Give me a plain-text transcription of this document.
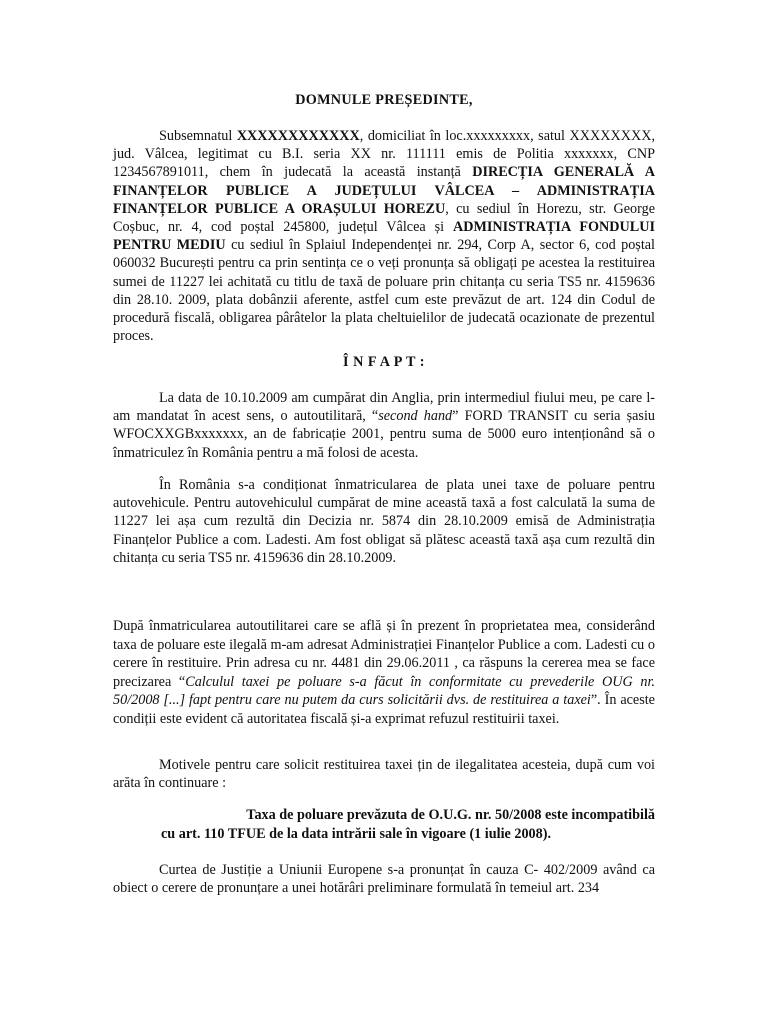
DOMNULE PREȘEDINTE,

Subsemnatul XXXXXXXXXXXX, domiciliat în loc.xxxxxxxxx, satul XXXXXXXX, jud. Vâlcea, legitimat cu B.I. seria XX nr. 111111 emis de Politia xxxxxxx, CNP 1234567891011, chem în judecată la această instanță DIRECȚIA GENERALĂ A FINANȚELOR PUBLICE A JUDEȚULUI VÂLCEA – ADMINISTRAȚIA FINANȚELOR PUBLICE A ORAȘULUI HOREZU, cu sediul în Horezu, str. George Coșbuc, nr. 4, cod poștal 245800, județul Vâlcea și ADMINISTRAȚIA FONDULUI PENTRU MEDIU cu sediul în Splaiul Independenței nr. 294, Corp A, sector 6, cod poștal 060032 București pentru ca prin sentința ce o veți pronunța să obligați pe acestea la restituirea sumei de 11227 lei achitată cu titlu de taxă de poluare prin chitanța cu seria TS5 nr. 4159636 din 28.10. 2009, plata dobânzii aferente, astfel cum este prevăzut de art. 124 din Codul de procedură fiscală, obligarea pârâtelor la plata cheltuielilor de judecată ocazionate de prezentul proces.

Î N F A P T :

La data de 10.10.2009 am cumpărat din Anglia, prin intermediul fiului meu, pe care l-am mandatat în acest sens, o autoutilitară, “second hand” FORD TRANSIT cu seria șasiu WFOCXXGBxxxxxxx, an de fabricație 2001, pentru suma de 5000 euro intenționând să o înmatriculez în România pentru a mă folosi de acesta.

În România s-a condiționat înmatricularea de plata unei taxe de poluare pentru autovehicule. Pentru autovehiculul cumpărat de mine această taxă a fost calculată la suma de 11227 lei așa cum rezultă din Decizia nr. 5874 din 28.10.2009 emisă de Administrația Finanțelor Publice a com. Ladesti. Am fost obligat să plătesc această taxă așa cum rezultă din chitanța cu seria TS5 nr. 4159636 din 28.10.2009.

După înmatricularea autoutilitarei care se află și în prezent în proprietatea mea, considerând taxa de poluare este ilegală m-am adresat Administrației Finanțelor Publice a com. Ladesti cu o cerere în restituire. Prin adresa cu nr. 4481 din 29.06.2011 , ca răspuns la cererea mea se face precizarea “Calculul taxei pe poluare s-a făcut în conformitate cu prevederile OUG nr. 50/2008 [...] fapt pentru care nu putem da curs solicitării dvs. de restituirea a taxei”. În aceste condiții este evident că autoritatea fiscală și-a exprimat refuzul restituirii taxei.

Motivele pentru care solicit restituirea taxei țin de ilegalitatea acesteia, după cum voi arăta în continuare :

Taxa de poluare prevăzuta de O.U.G. nr. 50/2008 este incompatibilă

cu art. 110 TFUE de la data intrării sale în vigoare (1 iulie 2008).

Curtea de Justiție a Uniunii Europene s-a pronunțat în cauza C- 402/2009 având ca obiect o cerere de pronunțare a unei hotărâri preliminare formulată în temeiul art. 234
